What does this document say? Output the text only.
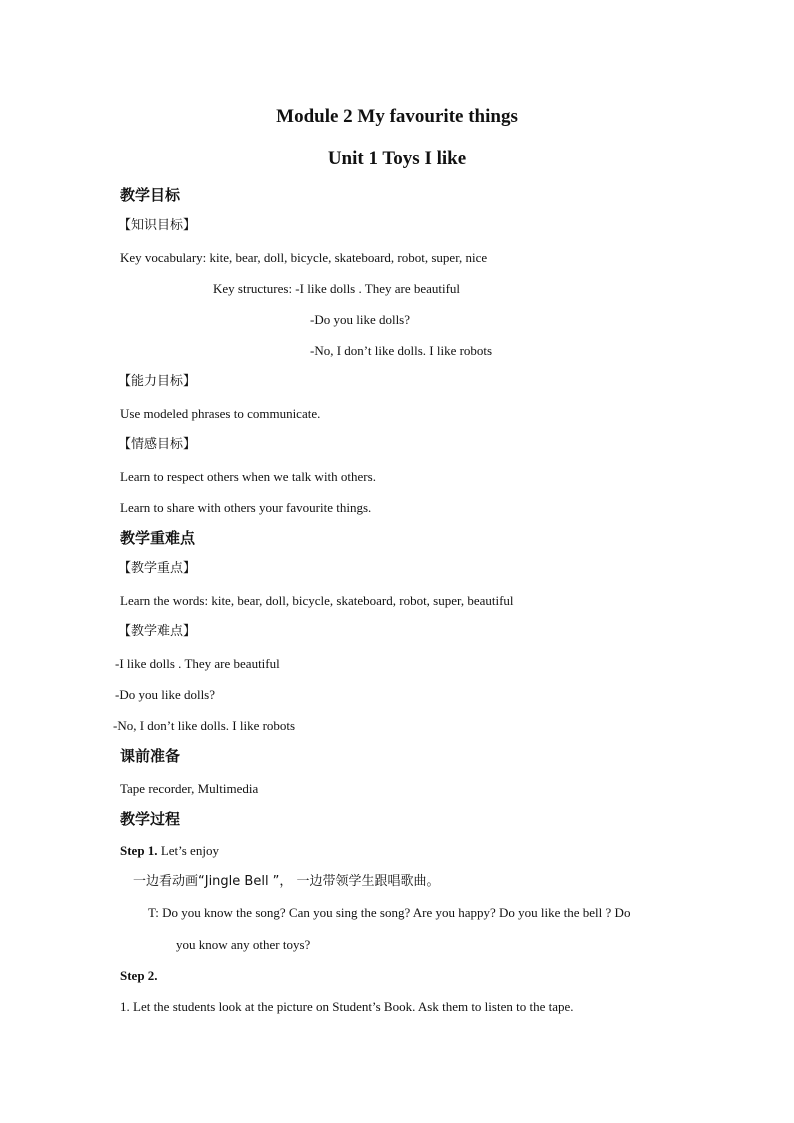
Module 2 My favourite things
Unit 1 Toys I like
教学目标
【知识目标】
Key vocabulary: kite, bear, doll, bicycle, skateboard, robot, super, nice
Key structures: -I like dolls . They are beautiful
-Do you like dolls?
-No, I don’t like dolls. I like robots
【能力目标】
Use modeled phrases to communicate.
【情感目标】
Learn to respect others when we talk with others.
Learn to share with others your favourite things.
教学重难点
【教学重点】
Learn the words: kite, bear, doll, bicycle, skateboard, robot, super, beautiful
【教学难点】
-I like dolls . They are beautiful
-Do you like dolls?
-No, I don’t like dolls. I like robots
课前准备
Tape recorder, Multimedia
教学过程
Step 1. Let’s enjoy
一边看动画“Jingle Bell ”， 一边带领学生跟唱歌曲。
T: Do you know the song? Can you sing the song? Are you happy? Do you like the bell ? Do
you know any other toys?
Step 2.
1. Let the students look at the picture on Student’s Book. Ask them to listen to the tape.
